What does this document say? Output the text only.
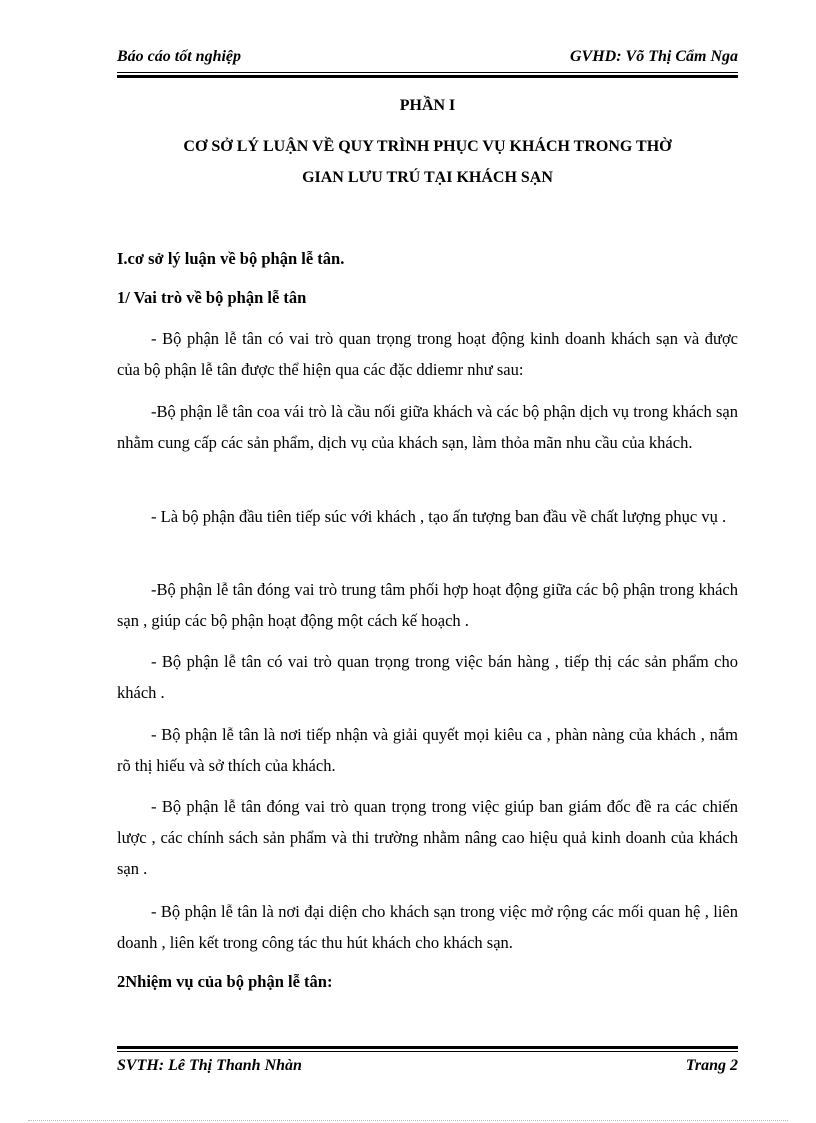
Báo cáo tốt nghiệp	GVHD: Võ Thị Cẩm Nga
PHẦN I
CƠ SỞ LÝ LUẬN VỀ QUY TRÌNH PHỤC VỤ KHÁCH TRONG THỜ
GIAN LƯU TRÚ TẠI KHÁCH SẠN
I.cơ sở lý luận về bộ phận lễ tân.
1/ Vai trò về bộ phận lễ tân
- Bộ phận lễ tân có vai trò quan trọng trong hoạt động kinh doanh khách sạn và được của bộ phận lễ tân được thể hiện qua các đặc ddiemr như sau:
-Bộ phận lễ tân coa vái trò là cầu nối giữa khách và các bộ phận dịch vụ trong khách sạn nhằm cung cấp các sản phẩm, dịch vụ của khách sạn, làm thỏa mãn nhu cầu của khách.
- Là bộ phận đầu tiên tiếp súc với khách , tạo ấn tượng ban đầu về chất lượng phục vụ .
-Bộ phận lễ tân đóng vai trò trung tâm phối hợp hoạt động giữa các bộ phận trong khách sạn , giúp các bộ phận hoạt động một cách kế hoạch .
- Bộ phận lễ tân có vai trò quan trọng trong việc bán hàng , tiếp thị các sản phẩm cho khách .
- Bộ phận lễ tân là nơi tiếp nhận và giải quyết mọi kiêu ca , phàn nàng của khách , nắm rõ thị hiếu và sở thích của khách.
- Bộ phận lễ tân đóng vai trò quan trọng trong việc giúp ban giám đốc đề ra các chiến lược , các chính sách sản phẩm và thi trường nhằm nâng cao hiệu quả kinh doanh của khách sạn .
- Bộ phận lễ tân là nơi đại diện cho khách sạn trong việc mở rộng các mối quan hệ , liên doanh , liên kết trong công tác thu hút khách cho khách sạn.
2Nhiệm vụ của bộ phận lễ tân:
SVTH: Lê Thị Thanh Nhàn	Trang 2
